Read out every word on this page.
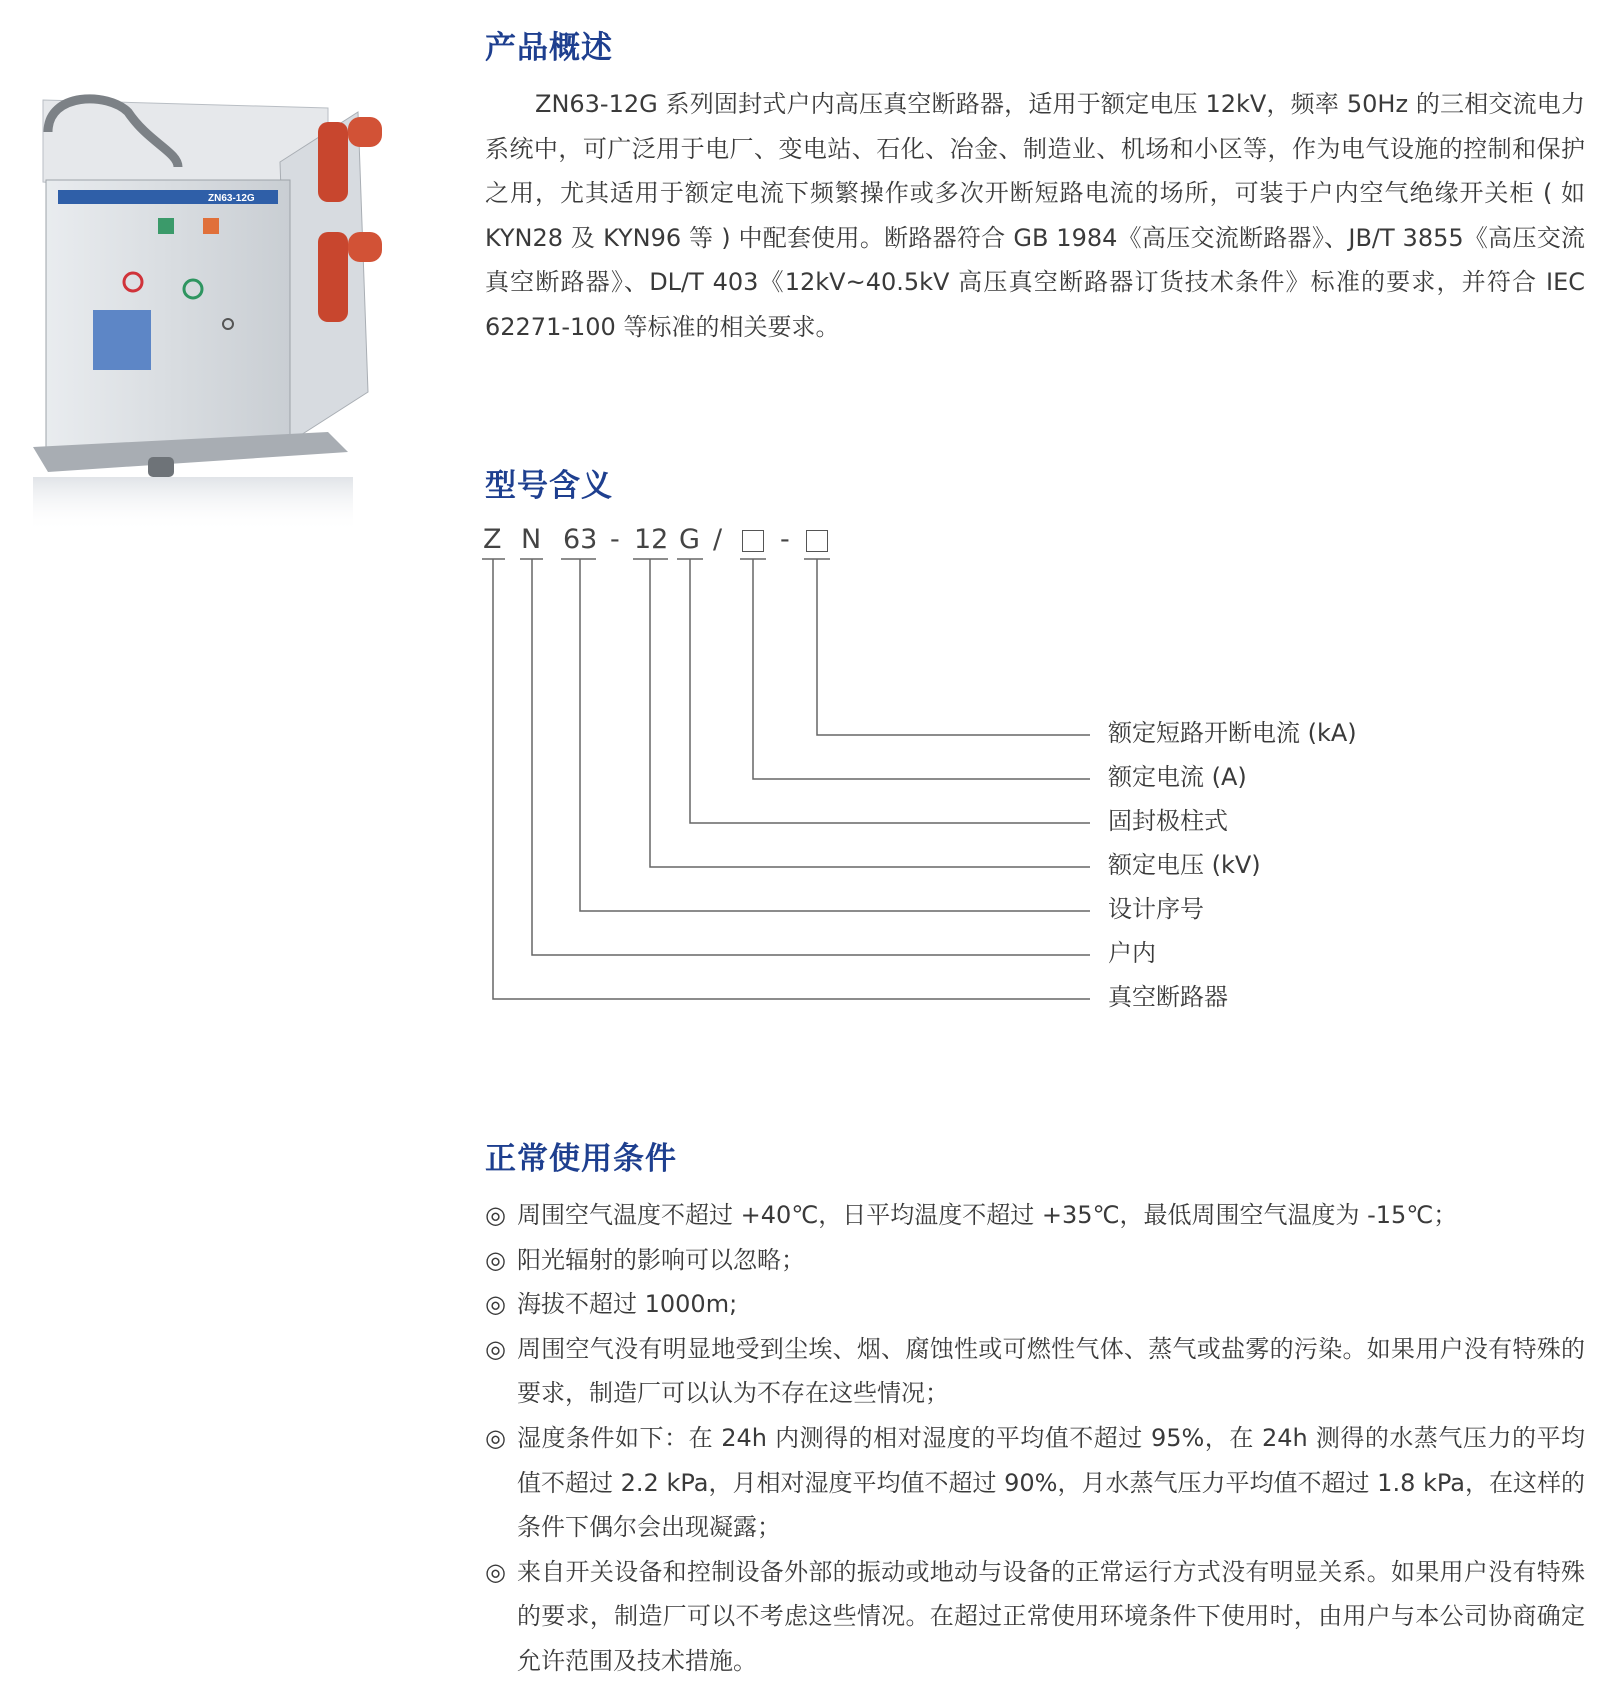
ZN63-12G
产品概述

ZN63-12G 系列固封式户内高压真空断路器，适用于额定电压 12kV，频率 50Hz 的三相交流电力系统中，可广泛用于电厂、变电站、石化、冶金、制造业、机场和小区等，作为电气设施的控制和保护之用，尤其适用于额定电流下频繁操作或多次开断短路电流的场所，可装于户内空气绝缘开关柜 ( 如 KYN28 及 KYN96 等 ) 中配套使用。断路器符合 GB 1984《高压交流断路器》、JB/T 3855《高压交流真空断路器》、DL/T 403《12kV~40.5kV 高压真空断路器订货技术条件》标准的要求，并符合 IEC 62271-100 等标准的相关要求。

型号含义
Z N 63 - 12 G / -
额定短路开断电流 (kA)
额定电流 (A)
固封极柱式
额定电压 (kV)
设计序号
户内
真空断路器
正常使用条件
◎ 周围空气温度不超过 +40℃，日平均温度不超过 +35℃，最低周围空气温度为 -15℃；
◎ 阳光辐射的影响可以忽略；
◎ 海拔不超过 1000m;
◎ 周围空气没有明显地受到尘埃、烟、腐蚀性或可燃性气体、蒸气或盐雾的污染。如果用户没有特殊的要求，制造厂可以认为不存在这些情况；
◎ 湿度条件如下：在 24h 内测得的相对湿度的平均值不超过 95%，在 24h 测得的水蒸气压力的平均值不超过 2.2 kPa，月相对湿度平均值不超过 90%，月水蒸气压力平均值不超过 1.8 kPa，在这样的条件下偶尔会出现凝露；
◎ 来自开关设备和控制设备外部的振动或地动与设备的正常运行方式没有明显关系。如果用户没有特殊的要求，制造厂可以不考虑这些情况。在超过正常使用环境条件下使用时，由用户与本公司协商确定允许范围及技术措施。
